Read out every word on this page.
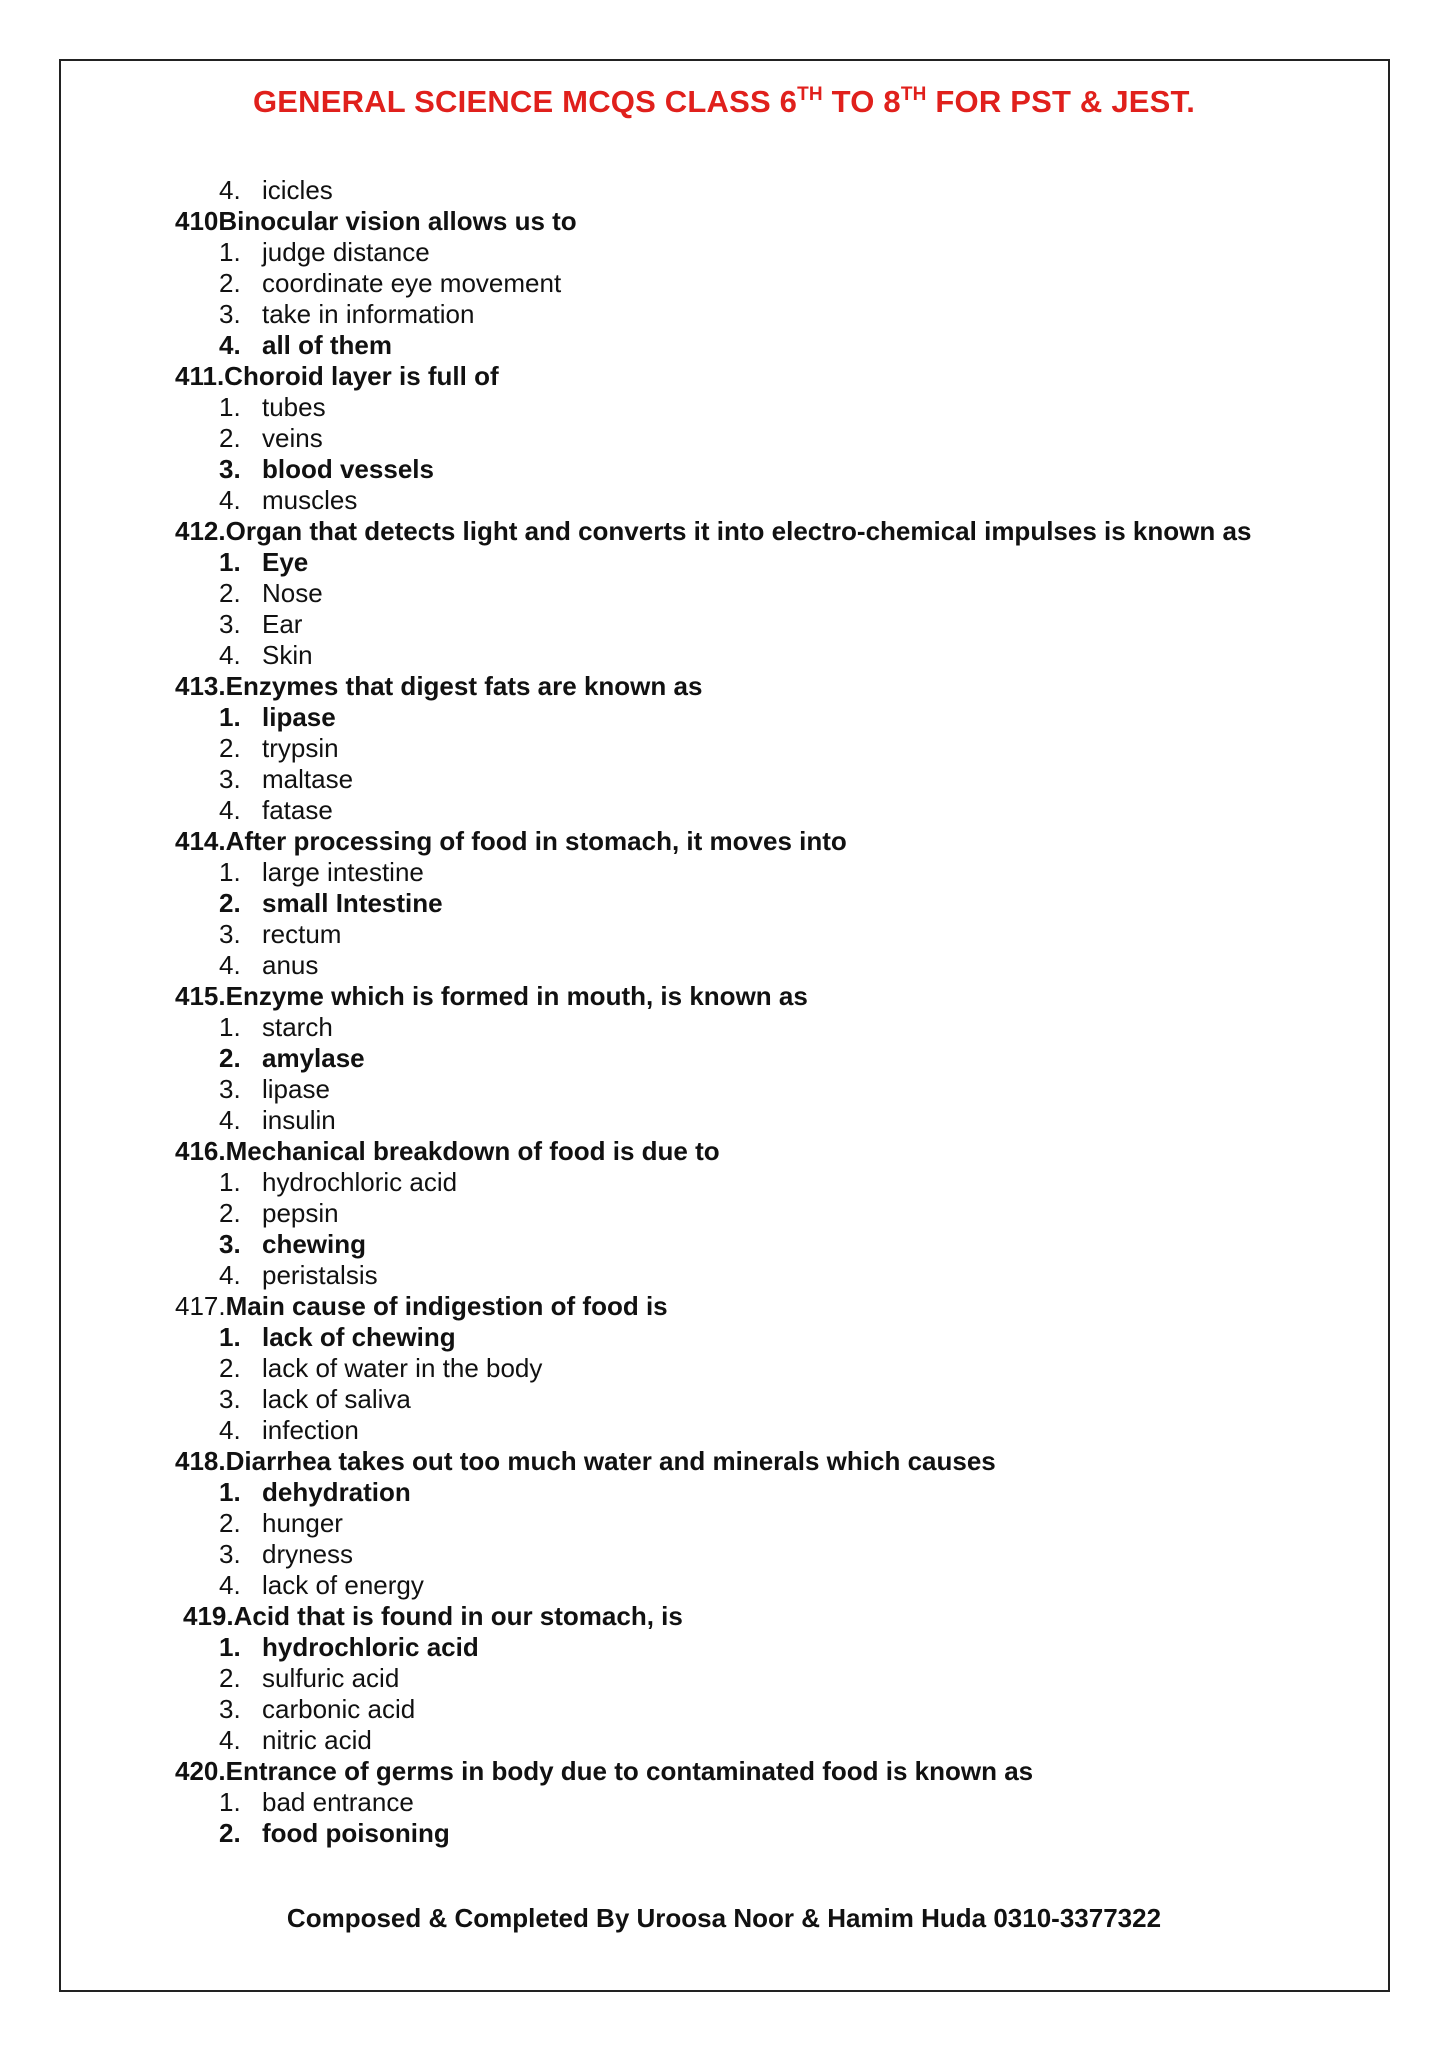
GENERAL SCIENCE MCQS CLASS 6TH TO 8TH FOR PST & JEST.
4. icicles
410Binocular vision allows us to
1. judge distance
2. coordinate eye movement
3. take in information
4. all of them
411.Choroid layer is full of
1. tubes
2. veins
3. blood vessels
4. muscles
412.Organ that detects light and converts it into electro-chemical impulses is known as
1. Eye
2. Nose
3. Ear
4. Skin
413.Enzymes that digest fats are known as
1. lipase
2. trypsin
3. maltase
4. fatase
414.After processing of food in stomach, it moves into
1. large intestine
2. small Intestine
3. rectum
4. anus
415.Enzyme which is formed in mouth, is known as
1. starch
2. amylase
3. lipase
4. insulin
416.Mechanical breakdown of food is due to
1. hydrochloric acid
2. pepsin
3. chewing
4. peristalsis
417.Main cause of indigestion of food is
1. lack of chewing
2. lack of water in the body
3. lack of saliva
4. infection
418.Diarrhea takes out too much water and minerals which causes
1. dehydration
2. hunger
3. dryness
4. lack of energy
419.Acid that is found in our stomach, is
1. hydrochloric acid
2. sulfuric acid
3. carbonic acid
4. nitric acid
420.Entrance of germs in body due to contaminated food is known as
1. bad entrance
2. food poisoning
Composed & Completed By Uroosa Noor & Hamim Huda 0310-3377322
